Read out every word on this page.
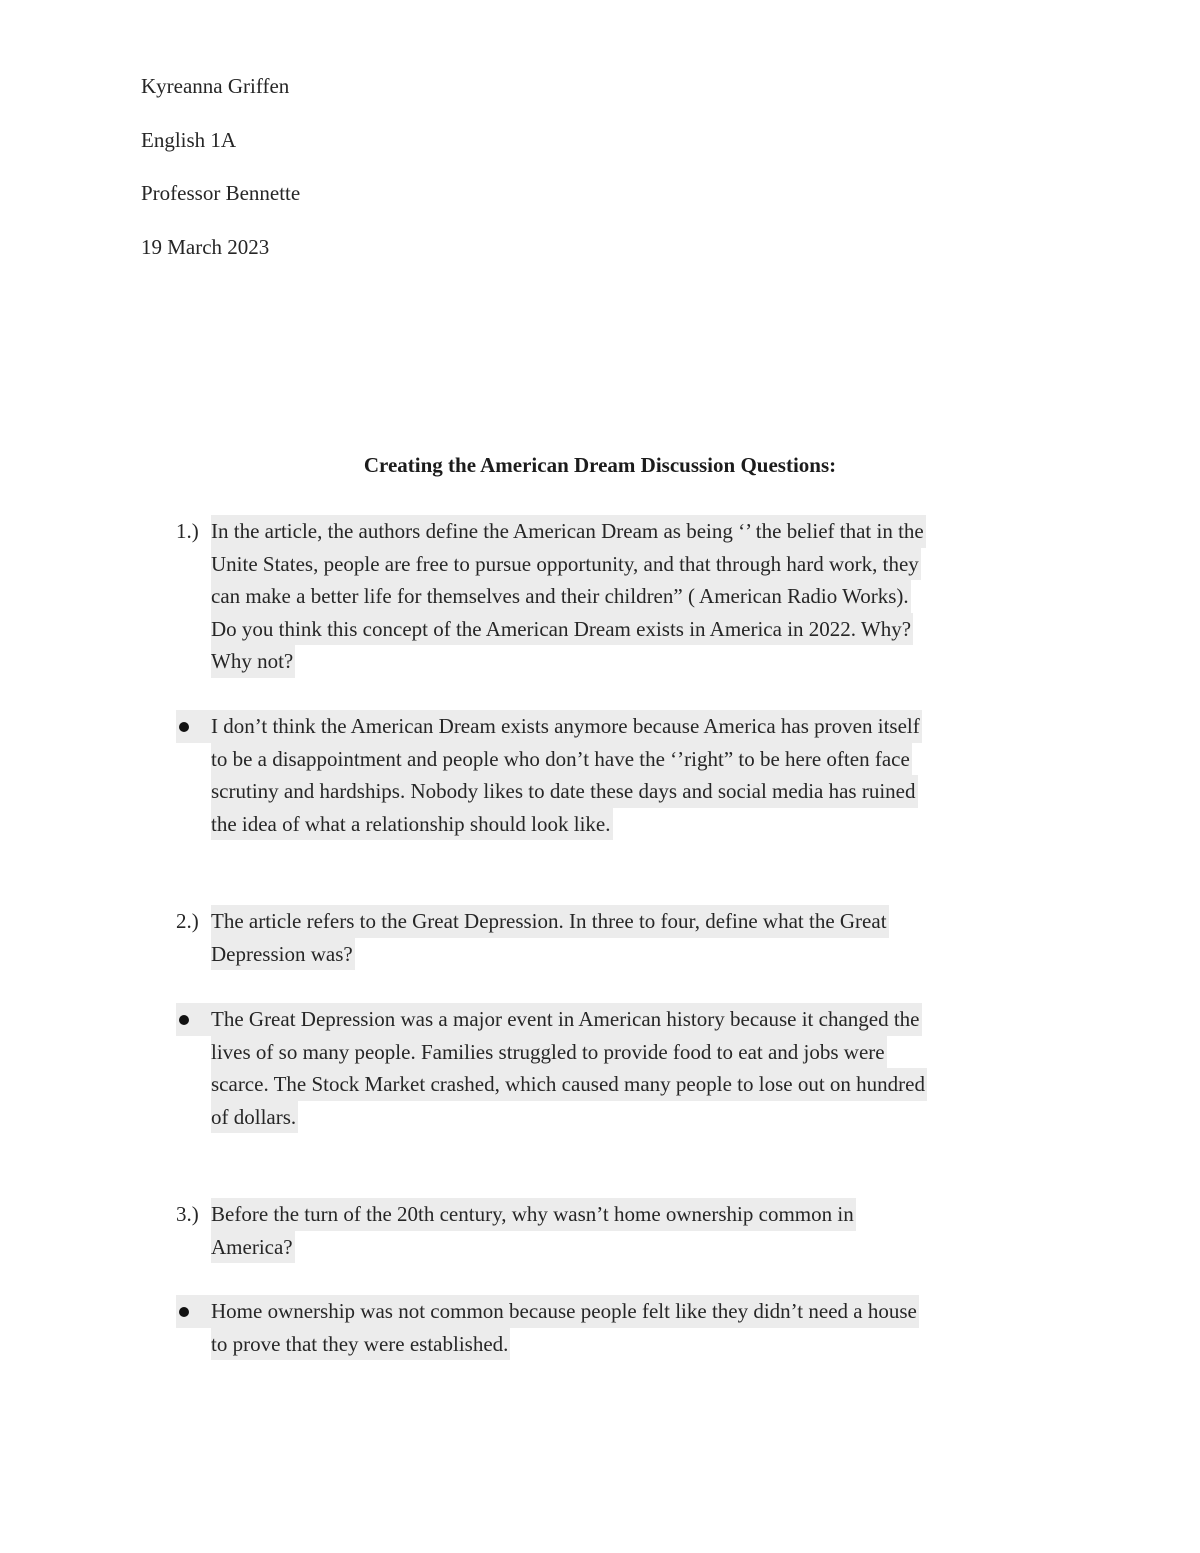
Kyreanna Griffen
English 1A
Professor Bennette
19 March 2023
Creating the American Dream Discussion Questions:
1.) In the article, the authors define the American Dream as being ‘’ the belief that in the
Unite States, people are free to pursue opportunity, and that through hard work, they
can make a better life for themselves and their children” ( American Radio Works).
Do you think this concept of the American Dream exists in America in 2022. Why?
Why not?
I don’t think the American Dream exists anymore because America has proven itself
to be a disappointment and people who don’t have the ‘’right” to be here often face
scrutiny and hardships. Nobody likes to date these days and social media has ruined
the idea of what a relationship should look like.
2.) The article refers to the Great Depression. In three to four, define what the Great
Depression was?
The Great Depression was a major event in American history because it changed the
lives of so many people. Families struggled to provide food to eat and jobs were
scarce. The Stock Market crashed, which caused many people to lose out on hundred
of dollars.
3.) Before the turn of the 20th century, why wasn’t home ownership common in
America?
Home ownership was not common because people felt like they didn’t need a house
to prove that they were established.
